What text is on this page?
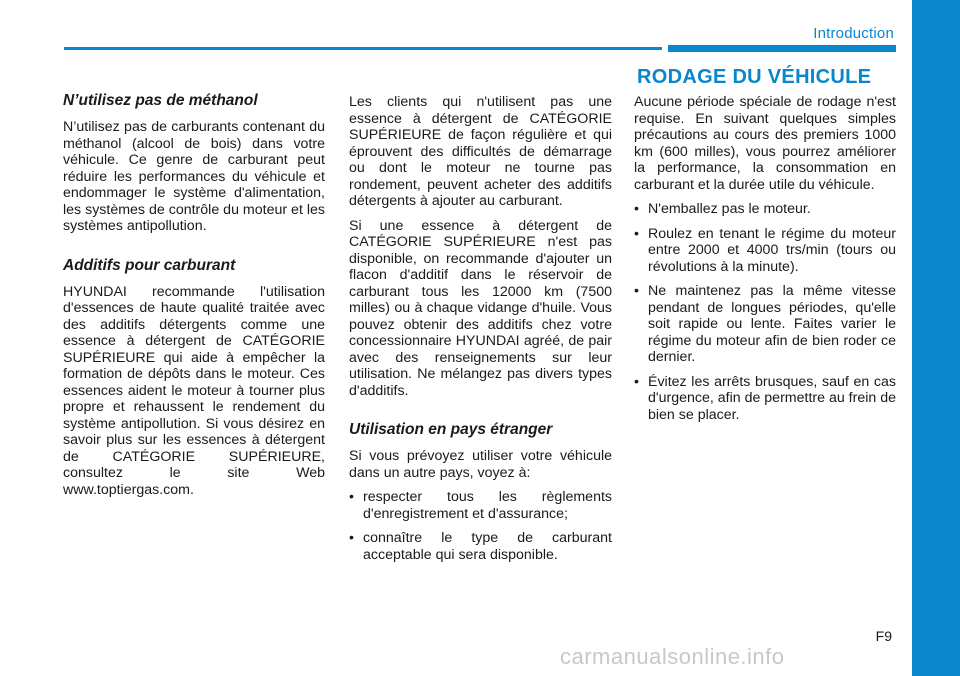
Introduction
N’utilisez pas de méthanol

N’utilisez pas de carburants contenant du méthanol (alcool de bois) dans votre véhicule. Ce genre de carburant peut réduire les performances du véhicule et endommager le système d'alimentation, les systèmes de contrôle du moteur et les systèmes antipollution.

Additifs pour carburant

HYUNDAI recommande l'utilisation d'essences de haute qualité traitée avec des additifs détergents comme une essence à détergent de CATÉGORIE SUPÉRIEURE qui aide à empêcher la formation de dépôts dans le moteur. Ces essences aident le moteur à tourner plus propre et rehaussent le rendement du système antipollution. Si vous désirez en savoir plus sur les essences à détergent de CATÉGORIE SUPÉRIEURE, consultez le site Web www.toptiergas.com.

Les clients qui n'utilisent pas une essence à détergent de CATÉGORIE SUPÉRIEURE de façon régulière et qui éprouvent des difficultés de démarrage ou dont le moteur ne tourne pas rondement, peuvent acheter des additifs détergents à ajouter au carburant.

Si une essence à détergent de CATÉGORIE SUPÉRIEURE n'est pas disponible, on recommande d'ajouter un flacon d'additif dans le réservoir de carburant tous les 12000 km (7500 milles) ou à chaque vidange d'huile. Vous pouvez obtenir des additifs chez votre concessionnaire HYUNDAI agréé, de pair avec des renseignements sur leur utilisation. Ne mélangez pas divers types d'additifs.

Utilisation en pays étranger

Si vous prévoyez utiliser votre véhicule dans un autre pays, voyez à:

• respecter tous les règlements d'enregistrement et d'assurance;
• connaître le type de carburant acceptable qui sera disponible.
RODAGE DU VÉHICULE

Aucune période spéciale de rodage n'est requise. En suivant quelques simples précautions au cours des premiers 1000 km (600 milles), vous pourrez améliorer la performance, la consommation en carburant et la durée utile du véhicule.

• N'emballez pas le moteur.
• Roulez en tenant le régime du moteur entre 2000 et 4000 trs/min (tours ou révolutions à la minute).
• Ne maintenez pas la même vitesse pendant de longues périodes, qu'elle soit rapide ou lente. Faites varier le régime du moteur afin de bien roder ce dernier.
• Évitez les arrêts brusques, sauf en cas d'urgence, afin de permettre au frein de bien se placer.
F9
carmanualsonline.info
